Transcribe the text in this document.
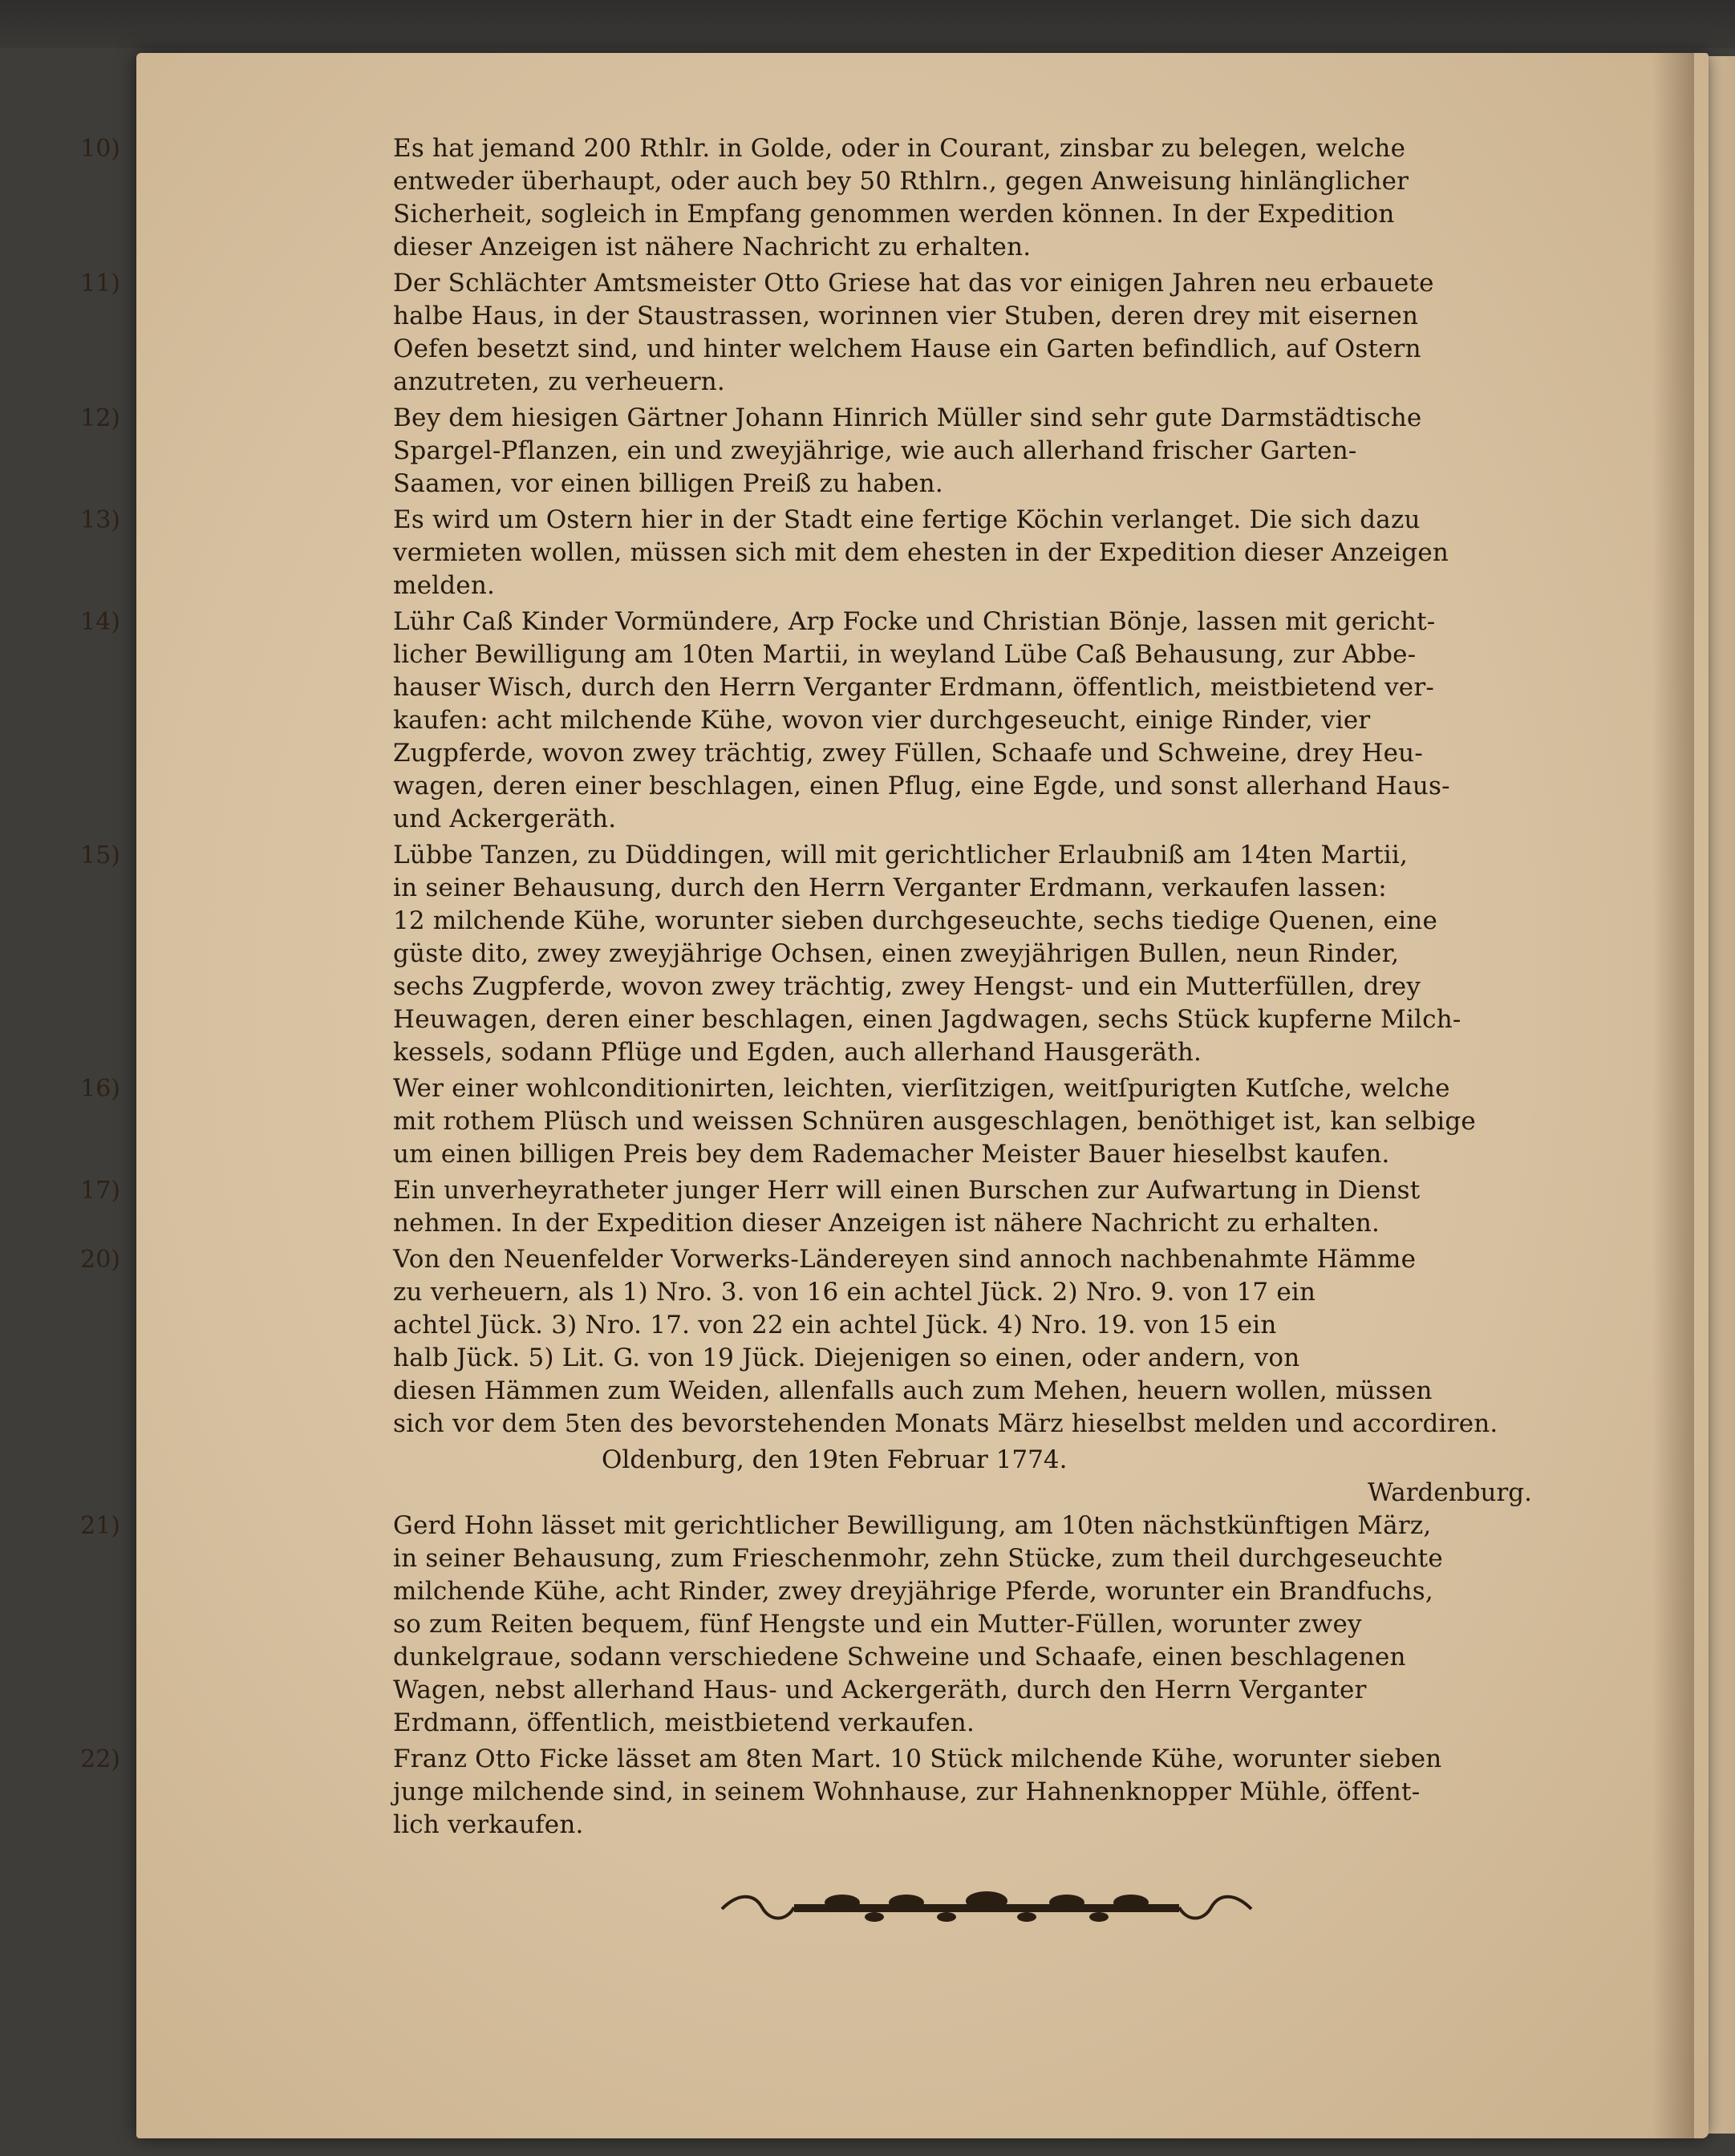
10)	Es hat jemand 200 Rthlr. in Golde, oder in Courant, zinsbar zu belegen, welche
entweder überhaupt, oder auch bey 50 Rthlrn., gegen Anweisung hinlänglicher
Sicherheit, sogleich in Empfang genommen werden können. In der Expedition
dieser Anzeigen ist nähere Nachricht zu erhalten.
11)	Der Schlächter Amtsmeister Otto Griese hat das vor einigen Jahren neu erbauete
halbe Haus, in der Staustrassen, worinnen vier Stuben, deren drey mit eisernen
Oefen besetzt sind, und hinter welchem Hause ein Garten befindlich, auf Ostern
anzutreten, zu verheuern.
12)	Bey dem hiesigen Gärtner Johann Hinrich Müller sind sehr gute Darmstädtische
Spargel-Pflanzen, ein und zweyjährige, wie auch allerhand frischer Garten-
Saamen, vor einen billigen Preiß zu haben.
13)	Es wird um Ostern hier in der Stadt eine fertige Köchin verlanget. Die sich dazu
vermieten wollen, müssen sich mit dem ehesten in der Expedition dieser Anzeigen
melden.
14)	Lühr Caß Kinder Vormündere, Arp Focke und Christian Bönje, lassen mit gericht-
licher Bewilligung am 10ten Martii, in weyland Lübe Caß Behausung, zur Abbe-
hauser Wisch, durch den Herrn Verganter Erdmann, öffentlich, meistbietend ver-
kaufen: acht milchende Kühe, wovon vier durchgeseucht, einige Rinder, vier
Zugpferde, wovon zwey trächtig, zwey Füllen, Schaafe und Schweine, drey Heu-
wagen, deren einer beschlagen, einen Pflug, eine Egde, und sonst allerhand Haus-
und Ackergeräth.
15)	Lübbe Tanzen, zu Düddingen, will mit gerichtlicher Erlaubniß am 14ten Martii,
in seiner Behausung, durch den Herrn Verganter Erdmann, verkaufen lassen:
12 milchende Kühe, worunter sieben durchgeseuchte, sechs tiedige Quenen, eine
güste dito, zwey zweyjährige Ochsen, einen zweyjährigen Bullen, neun Rinder,
sechs Zugpferde, wovon zwey trächtig, zwey Hengst- und ein Mutterfüllen, drey
Heuwagen, deren einer beschlagen, einen Jagdwagen, sechs Stück kupferne Milch-
kessels, sodann Pflüge und Egden, auch allerhand Hausgeräth.
16)	Wer einer wohlconditionirten, leichten, vierſitzigen, weitſpurigten Kutſche, welche
mit rothem Plüsch und weissen Schnüren ausgeschlagen, benöthiget ist, kan selbige
um einen billigen Preis bey dem Rademacher Meister Bauer hieselbst kaufen.
17)	Ein unverheyratheter junger Herr will einen Burschen zur Aufwartung in Dienst
nehmen. In der Expedition dieser Anzeigen ist nähere Nachricht zu erhalten.
20)	Von den Neuenfelder Vorwerks-Ländereyen sind annoch nachbenahmte Hämme
zu verheuern, als 1) Nro. 3. von 16 ein achtel Jück. 2) Nro. 9. von 17 ein
achtel Jück. 3) Nro. 17. von 22 ein achtel Jück. 4) Nro. 19. von 15 ein
halb Jück. 5) Lit. G. von 19 Jück. Diejenigen so einen, oder andern, von
diesen Hämmen zum Weiden, allenfalls auch zum Mehen, heuern wollen, müssen
sich vor dem 5ten des bevorstehenden Monats März hieselbst melden und accordiren.
Oldenburg, den 19ten Februar 1774.
Wardenburg.
21)	Gerd Hohn lässet mit gerichtlicher Bewilligung, am 10ten nächstkünftigen März,
in seiner Behausung, zum Frieschenmohr, zehn Stücke, zum theil durchgeseuchte
milchende Kühe, acht Rinder, zwey dreyjährige Pferde, worunter ein Brandfuchs,
so zum Reiten bequem, fünf Hengste und ein Mutter-Füllen, worunter zwey
dunkelgraue, sodann verschiedene Schweine und Schaafe, einen beschlagenen
Wagen, nebst allerhand Haus- und Ackergeräth, durch den Herrn Verganter
Erdmann, öffentlich, meistbietend verkaufen.
22)	Franz Otto Ficke lässet am 8ten Mart. 10 Stück milchende Kühe, worunter sieben
junge milchende sind, in seinem Wohnhause, zur Hahnenknopper Mühle, öffent-
lich verkaufen.
